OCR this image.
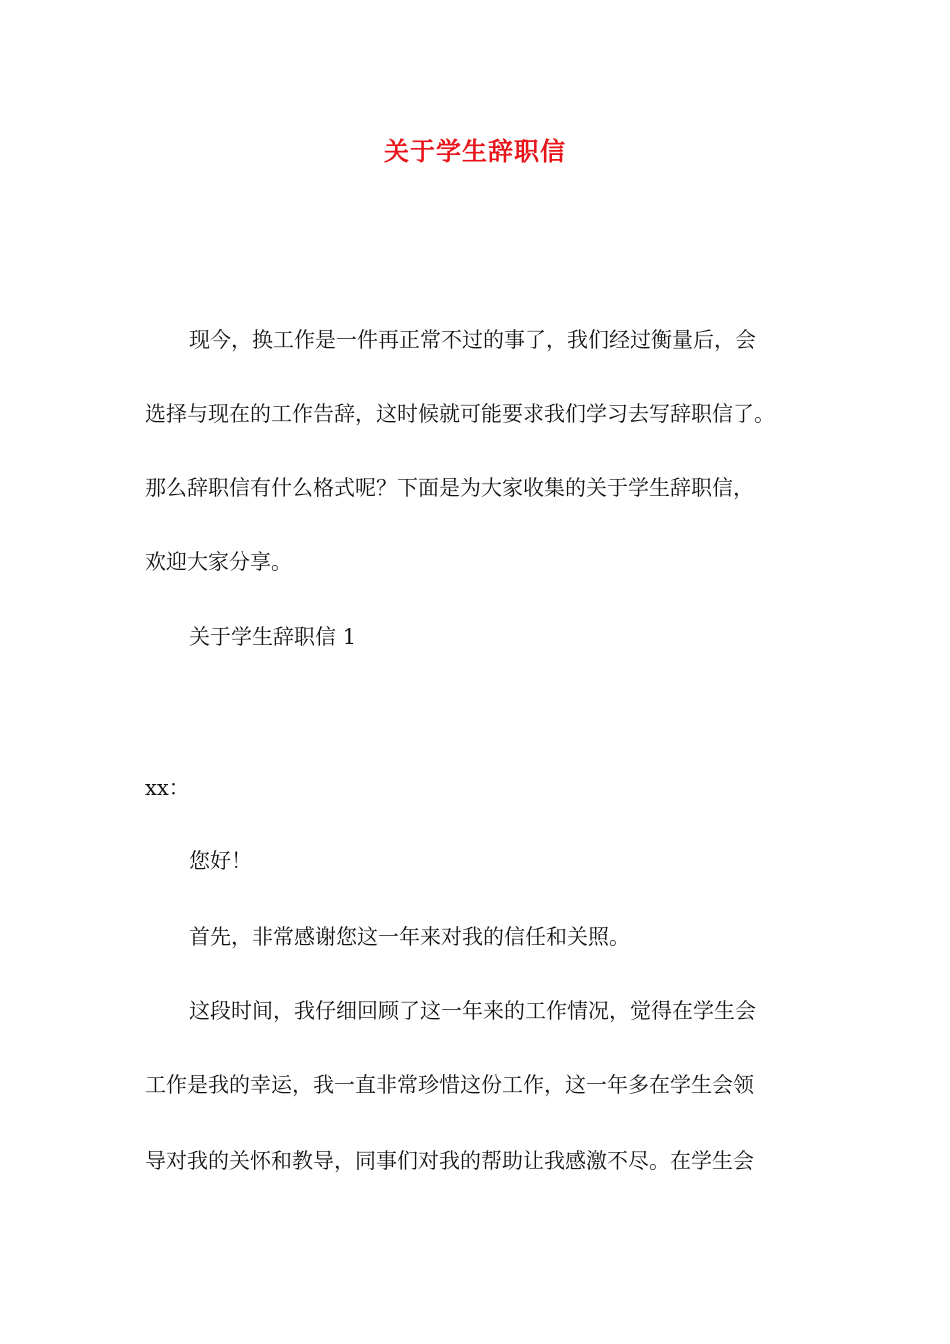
关于学生辞职信
现今，换工作是一件再正常不过的事了，我们经过衡量后，会
选择与现在的工作告辞，这时候就可能要求我们学习去写辞职信了。
那么辞职信有什么格式呢？下面是为大家收集的关于学生辞职信，
欢迎大家分享。
关于学生辞职信 1
xx：
您好！
首先，非常感谢您这一年来对我的信任和关照。
这段时间，我仔细回顾了这一年来的工作情况，觉得在学生会
工作是我的幸运，我一直非常珍惜这份工作，这一年多在学生会领
导对我的关怀和教导，同事们对我的帮助让我感激不尽。在学生会
